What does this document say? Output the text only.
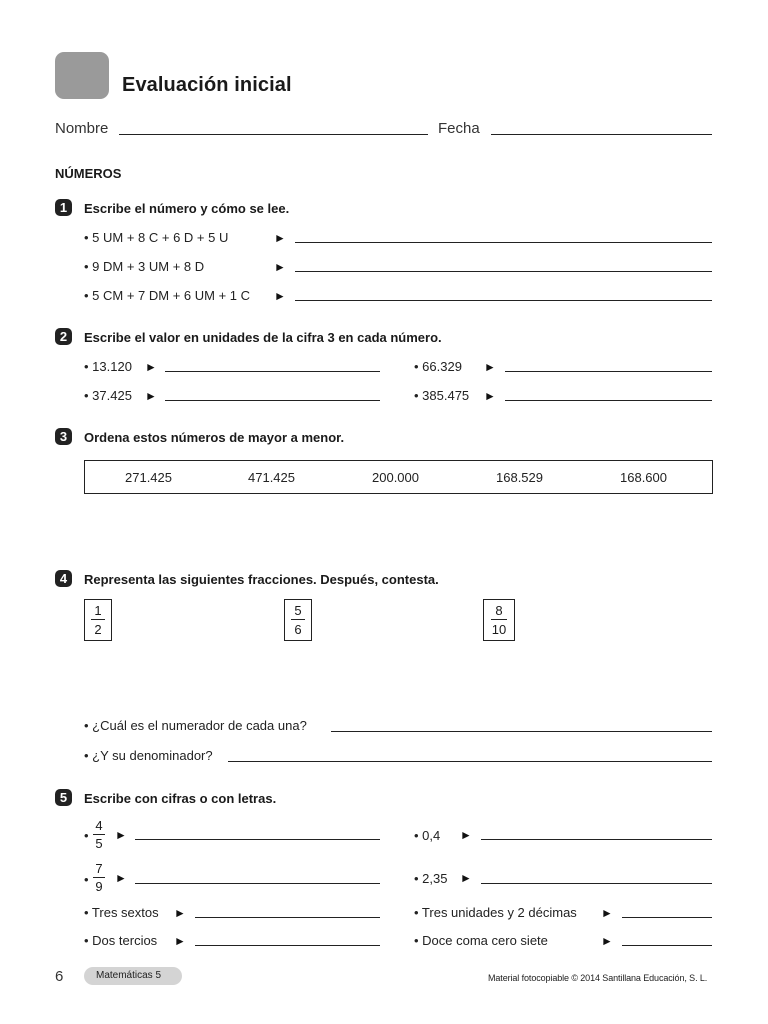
Evaluación inicial
Nombre	Fecha
NÚMEROS
1	Escribe el número y cómo se lee.
• 5 UM + 8 C + 6 D + 5 U	►
• 9 DM + 3 UM + 8 D	►
• 5 CM + 7 DM + 6 UM + 1 C ►
2	Escribe el valor en unidades de la cifra 3 en cada número.
• 13.120 ►	• 66.329 ►
• 37.425 ►	• 385.475 ►
3	Ordena estos números de mayor a menor.
271.425	471.425	200.000	168.529	168.600
4	Representa las siguientes fracciones. Después, contesta.
1
2
5
6
8
10
• ¿Cuál es el numerador de cada una?
• ¿Y su denominador?
5	Escribe con cifras o con letras.
•
4
5
►	• 0,4 ►
•
7
9
►	• 2,35 ►
• Tres sextos ►	• Tres unidades y 2 décimas ►
• Dos tercios ►	• Doce coma cero siete	►
6	Matemáticas 5	Material fotocopiable © 2014 Santillana Educación, S. L.
